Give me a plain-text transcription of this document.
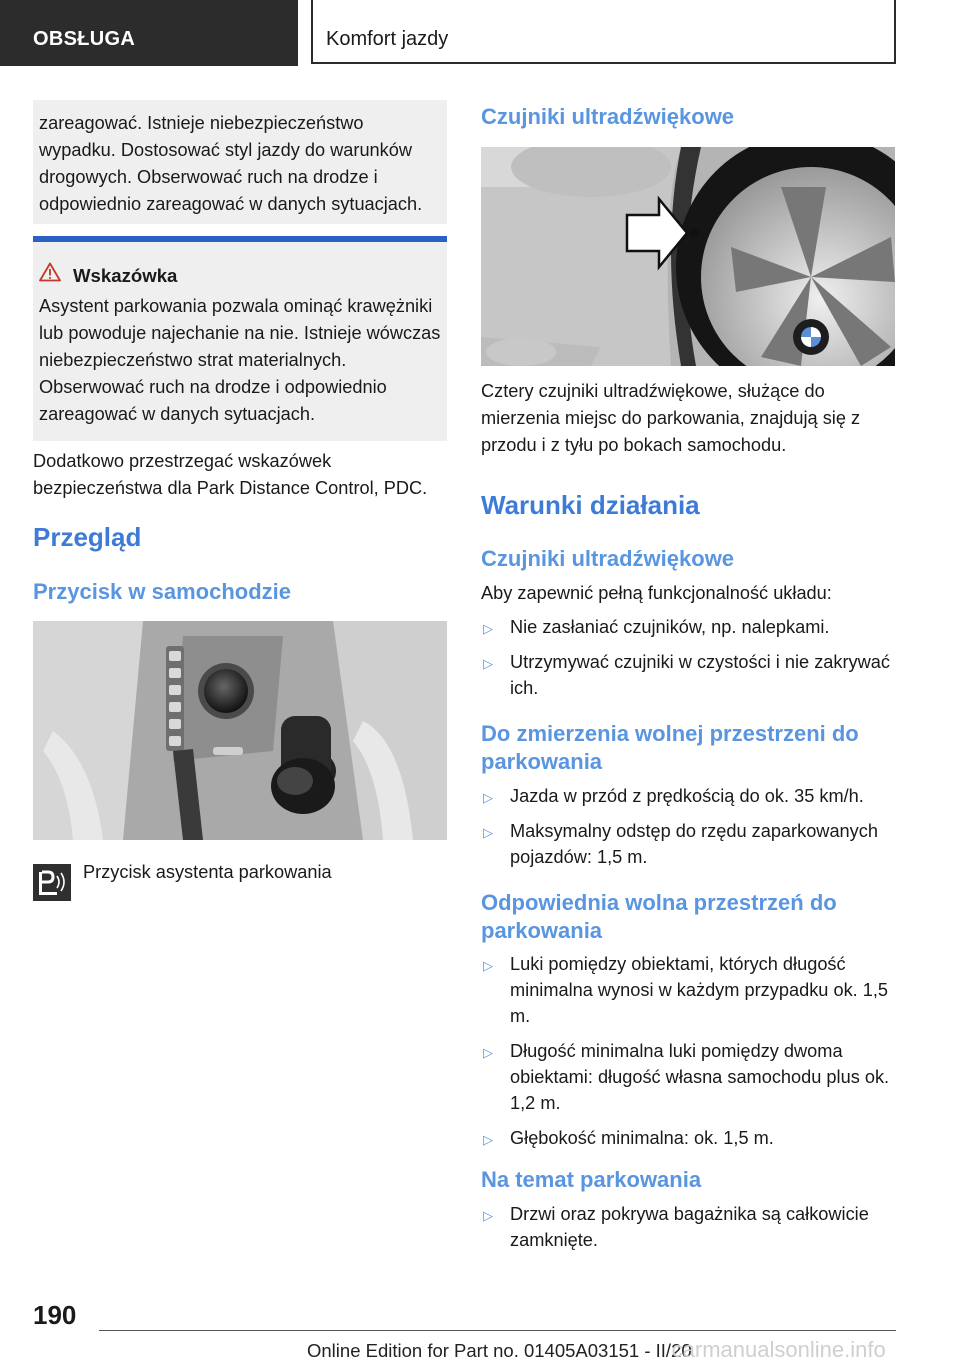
OBSŁUGA	Komfort jazdy
zareagować. Istnieje niebezpieczeństwo wypadku. Dostosować styl jazdy do warunków drogowych. Obserwować ruch na drodze i odpowiednio zareagować w danych sytuacjach.
Wskazówka

Asystent parkowania pozwala ominąć krawężniki lub powoduje najechanie na nie. Istnieje wówczas niebezpieczeństwo strat materialnych. Obserwować ruch na drodze i odpowiednio zareagować w danych sytuacjach.

Dodatkowo przestrzegać wskazówek bezpieczeństwa dla Park Distance Control, PDC.

Przegląd
Przycisk w samochodzie

Przycisk asystenta parkowania

Czujniki ultradźwiękowe

Cztery czujniki ultradźwiękowe, służące do mierzenia miejsc do parkowania, znajdują się z przodu i z tyłu po bokach samochodu.

Warunki działania
Czujniki ultradźwiękowe

Aby zapewnić pełną funkcjonalność układu:

▷ Nie zasłaniać czujników, np. nalepkami.
▷ Utrzymywać czujniki w czystości i nie zakrywać ich.
Do zmierzenia wolnej przestrzeni do parkowania
▷ Jazda w przód z prędkością do ok. 35 km/h.
▷ Maksymalny odstęp do rzędu zaparkowanych pojazdów: 1,5 m.
Odpowiednia wolna przestrzeń do parkowania
▷ Luki pomiędzy obiektami, których długość minimalna wynosi w każdym przypadku ok. 1,5 m.
▷ Długość minimalna luki pomiędzy dwoma obiektami: długość własna samochodu plus ok. 1,2 m.
▷ Głębokość minimalna: ok. 1,5 m.
Na temat parkowania
▷ Drzwi oraz pokrywa bagażnika są całkowicie zamknięte.
190
Online Edition for Part no. 01405A03151 - II/20carmanualsonline.info
